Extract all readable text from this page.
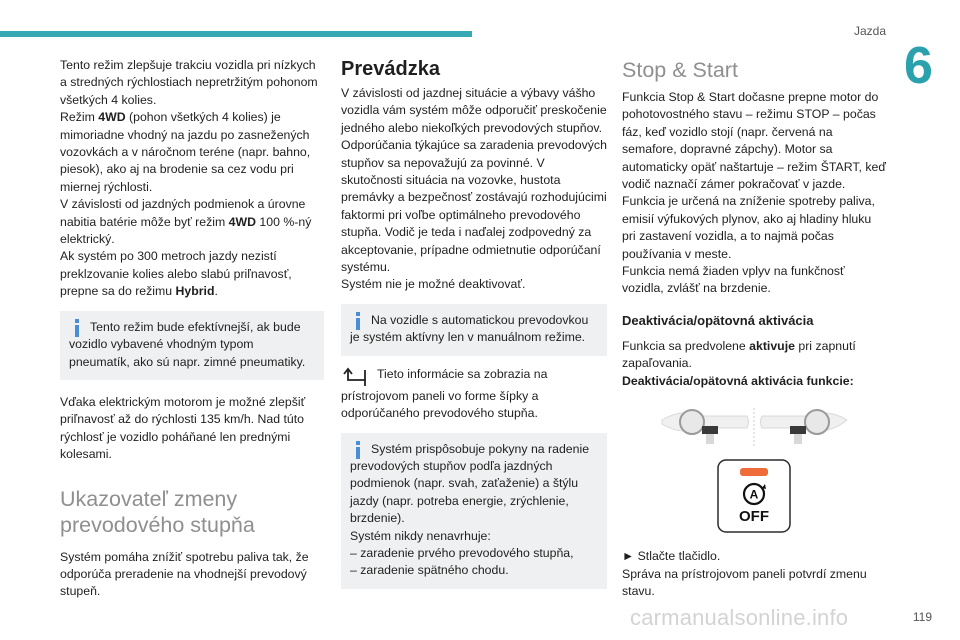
Jazda
6
119
carmanualsonline.info

Tento režim zlepšuje trakciu vozidla pri nízkych a stredných rýchlostiach nepretržitým pohonom všetkých 4 kolies.

Režim 4WD (pohon všetkých 4 kolies) je mimoriadne vhodný na jazdu po zasnežených vozovkách a v náročnom teréne (napr. bahno, piesok), ako aj na brodenie sa cez vodu pri miernej rýchlosti.

V závislosti od jazdných podmienok a úrovne nabitia batérie môže byť režim 4WD 100 %-ný elektrický.

Ak systém po 300 metroch jazdy nezistí preklzovanie kolies alebo slabú priľnavosť, prepne sa do režimu Hybrid.

Tento režim bude efektívnejší, ak bude vozidlo vybavené vhodným typom pneumatík, ako sú napr. zimné pneumatiky.

Vďaka elektrickým motorom je možné zlepšiť priľnavosť až do rýchlosti 135 km/h. Nad túto rýchlosť je vozidlo poháňané len prednými kolesami.

Ukazovateľ zmeny prevodového stupňa

Systém pomáha znížiť spotrebu paliva tak, že odporúča preradenie na vhodnejší prevodový stupeň.

Prevádzka

V závislosti od jazdnej situácie a výbavy vášho vozidla vám systém môže odporučiť preskočenie jedného alebo niekoľkých prevodových stupňov. Odporúčania týkajúce sa zaradenia prevodových stupňov sa nepovažujú za povinné. V skutočnosti situácia na vozovke, hustota premávky a bezpečnosť zostávajú rozhodujúcimi faktormi pri voľbe optimálneho prevodového stupňa. Vodič je teda i naďalej zodpovedný za akceptovanie, prípadne odmietnutie odporúčaní systému.

Systém nie je možné deaktivovať.

Na vozidle s automatickou prevodovkou je systém aktívny len v manuálnom režime.
Tieto informácie sa zobrazia na prístrojovom paneli vo forme šípky a odporúčaného prevodového stupňa.
Systém prispôsobuje pokyny na radenie prevodových stupňov podľa jazdných podmienok (napr. svah, zaťaženie) a štýlu jazdy (napr. potreba energie, zrýchlenie, brzdenie).

Systém nikdy nenavrhuje:

– zaradenie prvého prevodového stupňa,

– zaradenie spätného chodu.

Stop & Start

Funkcia Stop & Start dočasne prepne motor do pohotovostného stavu – režimu STOP – počas fáz, keď vozidlo stojí (napr. červená na semafore, dopravné zápchy). Motor sa automaticky opäť naštartuje – režim ŠTART, keď vodič naznačí zámer pokračovať v jazde.

Funkcia je určená na zníženie spotreby paliva, emisií výfukových plynov, ako aj hladiny hluku pri zastavení vozidla, a to najmä počas používania v meste.

Funkcia nemá žiaden vplyv na funkčnosť vozidla, zvlášť na brzdenie.

Deaktivácia/opätovná aktivácia

Funkcia sa predvolene aktivuje pri zapnutí zapaľovania.

Deaktivácia/opätovná aktivácia funkcie:

A
OFF

► Stlačte tlačidlo.

Správa na prístrojovom paneli potvrdí zmenu stavu.
